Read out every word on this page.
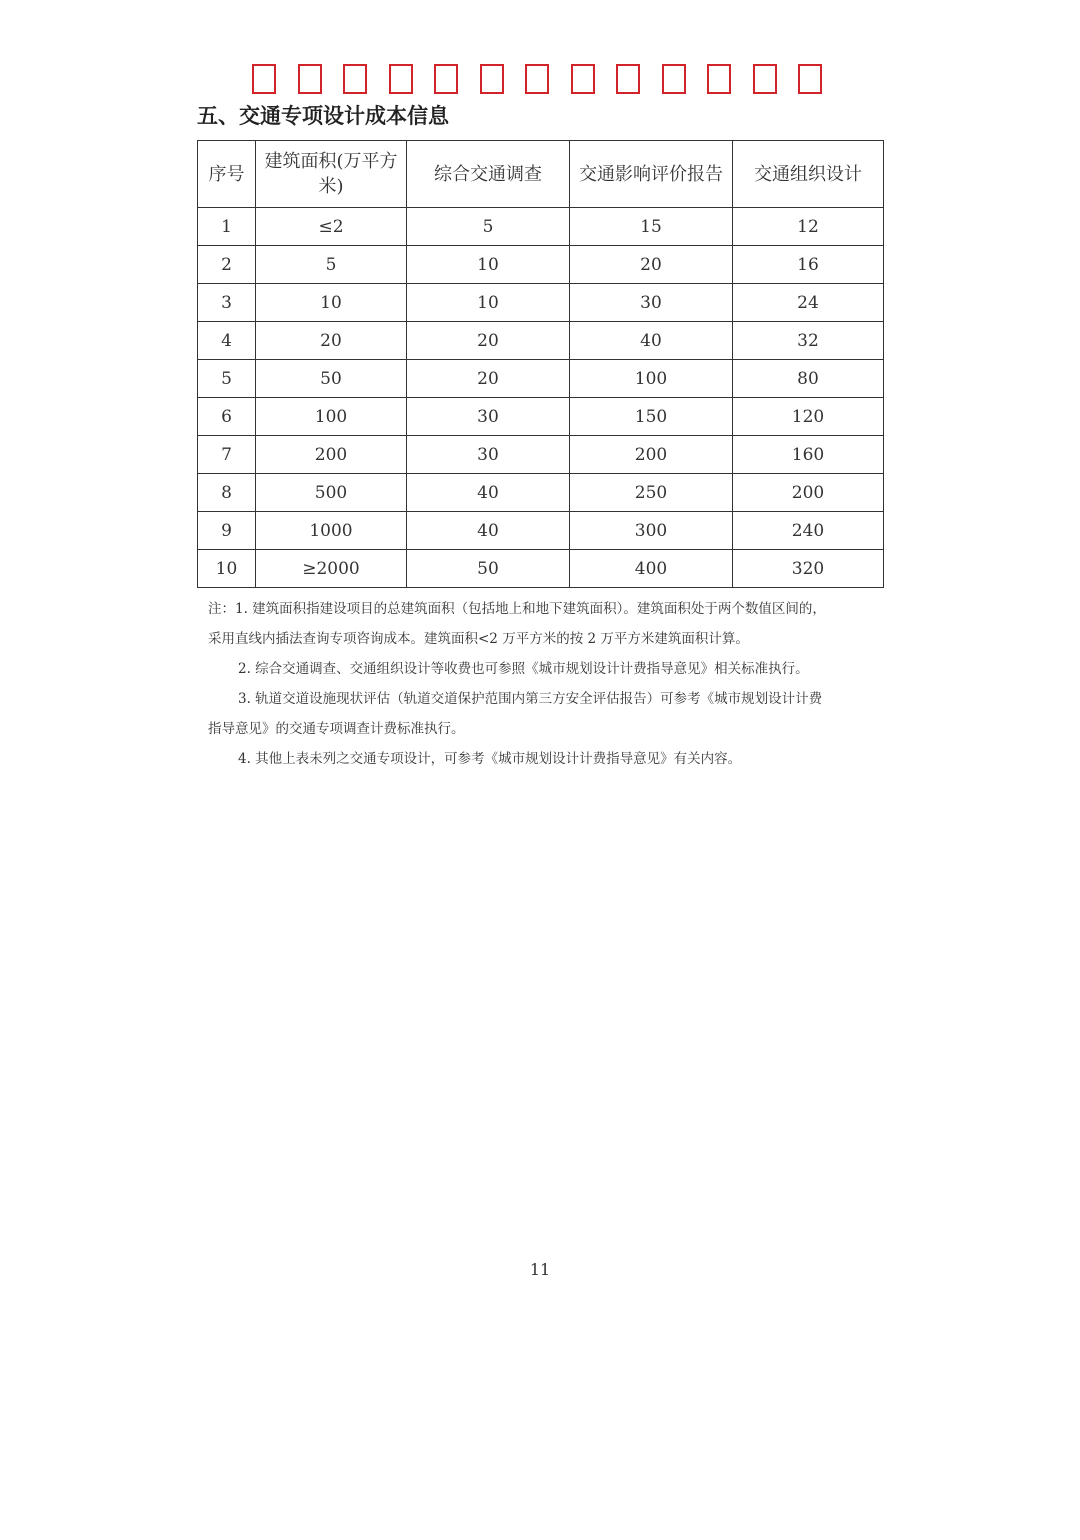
五、交通专项设计成本信息
序号	建筑面积(万平方米)	综合交通调查	交通影响评价报告	交通组织设计
1	≤2	5	15	12
2	5	10	20	16
3	10	10	30	24
4	20	20	40	32
5	50	20	100	80
6	100	30	150	120
7	200	30	200	160
8	500	40	250	200
9	1000	40	300	240
10	≥2000	50	400	320

注：1. 建筑面积指建设项目的总建筑面积（包括地上和地下建筑面积）。建筑面积处于两个数值区间的，

采用直线内插法查询专项咨询成本。建筑面积<2 万平方米的按 2 万平方米建筑面积计算。

2. 综合交通调查、交通组织设计等收费也可参照《城市规划设计计费指导意见》相关标准执行。

3. 轨道交道设施现状评估（轨道交道保护范围内第三方安全评估报告）可参考《城市规划设计计费

指导意见》的交通专项调查计费标准执行。

4. 其他上表未列之交通专项设计，可参考《城市规划设计计费指导意见》有关内容。

11
